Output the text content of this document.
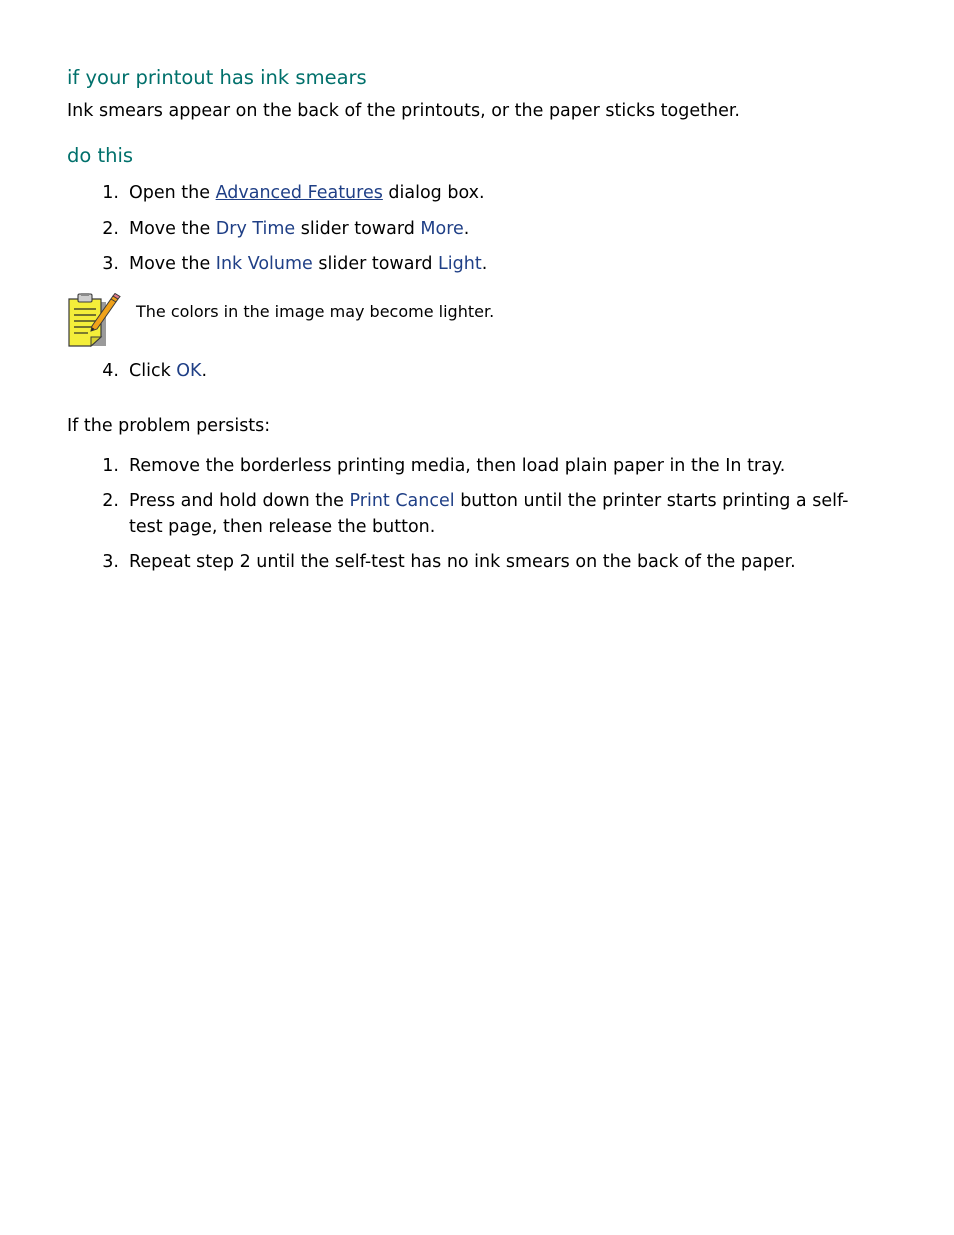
if your printout has ink smears

Ink smears appear on the back of the printouts, or the paper sticks together.

do this
1. Open the Advanced Features dialog box.
2. Move the Dry Time slider toward More.
3. Move the Ink Volume slider toward Light.
4. Click OK.

If the problem persists:

1. Remove the borderless printing media, then load plain paper in the In tray.
2. Press and hold down the Print Cancel button until the printer starts printing a self-test page, then release the button.
3. Repeat step 2 until the self-test has no ink smears on the back of the paper.
The colors in the image may become lighter.
